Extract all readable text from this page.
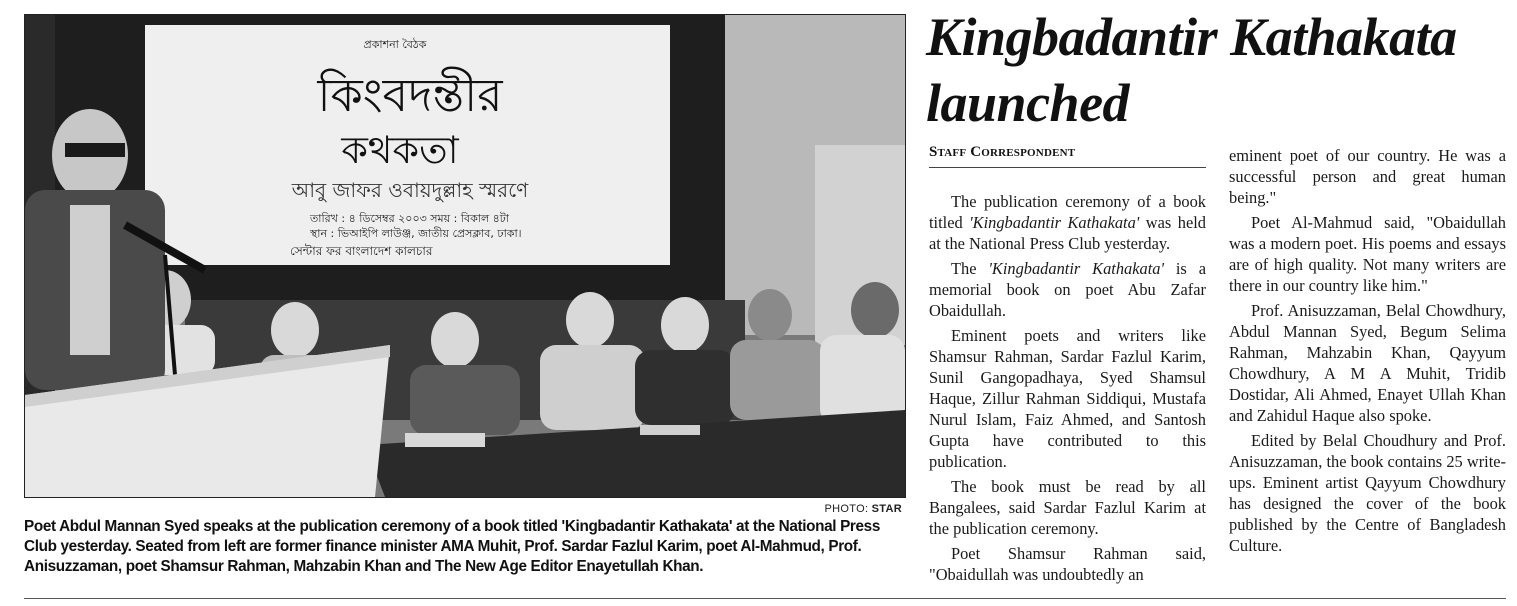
প্রকাশনা বৈঠক
কিংবদন্তীর
কথকতা
আবু জাফর ওবায়দুল্লাহ স্মরণে
তারিখ : ৪ ডিসেম্বর ২০০৩ সময় : বিকাল ৪টা
স্থান : ভিআইপি লাউঞ্জ, জাতীয় প্রেসক্লাব, ঢাকা।
সেন্টার ফর বাংলাদেশ কালচার
PHOTO: STAR
Poet Abdul Mannan Syed speaks at the publication ceremony of a book titled 'Kingbadantir Kathakata' at the National Press Club yesterday. Seated from left are former finance minister AMA Muhit, Prof. Sardar Fazlul Karim, poet Al-Mahmud, Prof. Anisuzzaman, poet Shamsur Rahman, Mahzabin Khan and The New Age Editor Enayetullah Khan.
Kingbadantir Kathakata
launched
Staff Correspondent

The publication ceremony of a book titled 'Kingbadantir Kathakata' was held at the National Press Club yesterday.

The 'Kingbadantir Kathakata' is a memorial book on poet Abu Zafar Obaidullah.

Eminent poets and writers like Shamsur Rahman, Sardar Fazlul Karim, Sunil Gangopadhaya, Syed Shamsul Haque, Zillur Rahman Siddiqui, Mustafa Nurul Islam, Faiz Ahmed, and Santosh Gupta have contributed to this publication.

The book must be read by all Bangalees, said Sardar Fazlul Karim at the publication ceremony.

Poet Shamsur Rahman said, "Obaidullah was undoubtedly an

eminent poet of our country. He was a successful person and great human being."

Poet Al-Mahmud said, "Obaidullah was a modern poet. His poems and essays are of high quality. Not many writers are there in our country like him."

Prof. Anisuzzaman, Belal Chowdhury, Abdul Mannan Syed, Begum Selima Rahman, Mahzabin Khan, Qayyum Chowdhury, A M A Muhit, Tridib Dostidar, Ali Ahmed, Enayet Ullah Khan and Zahidul Haque also spoke.

Edited by Belal Choudhury and Prof. Anisuzzaman, the book contains 25 write-ups. Eminent artist Qayyum Chowdhury has designed the cover of the book published by the Centre of Bangladesh Culture.
